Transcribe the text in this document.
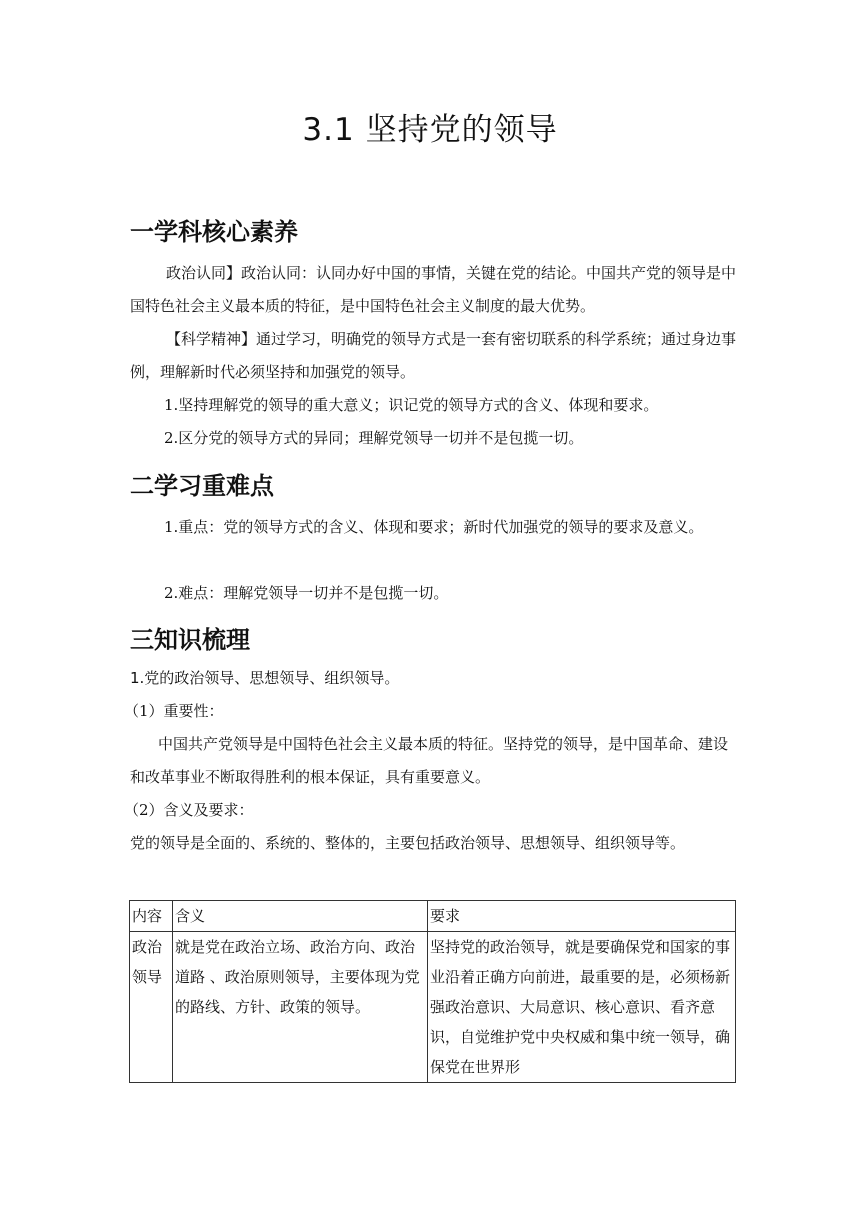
3.1 坚持党的领导
一学科核心素养

政治认同】政治认同：认同办好中国的事情，关键在党的结论。中国共产党的领导是中国特色社会主义最本质的特征，是中国特色社会主义制度的最大优势。

【科学精神】通过学习，明确党的领导方式是一套有密切联系的科学系统；通过身边事例，理解新时代必须坚持和加强党的领导。

1.坚持理解党的领导的重大意义；识记党的领导方式的含义、体现和要求。

2.区分党的领导方式的异同；理解党领导一切并不是包揽一切。

二学习重难点

1.重点：党的领导方式的含义、体现和要求；新时代加强党的领导的要求及意义。

2.难点：理解党领导一切并不是包揽一切。

三知识梳理

1.党的政治领导、思想领导、组织领导。

（1）重要性：

中国共产党领导是中国特色社会主义最本质的特征。坚持党的领导，是中国革命、建设和改革事业不断取得胜利的根本保证，具有重要意义。

（2）含义及要求：

党的领导是全面的、系统的、整体的，主要包括政治领导、思想领导、组织领导等。

内容	含义	要求
政治领导	就是党在政治立场、政治方向、政治道路 、政治原则领导，主要体现为党的路线、方针、政策的领导。	坚持党的政治领导，就是要确保党和国家的事业沿着正确方向前进，最重要的是，必须杨新强政治意识、大局意识、核心意识、看齐意识，自觉维护党中央权威和集中统一领导，确保党在世界形
